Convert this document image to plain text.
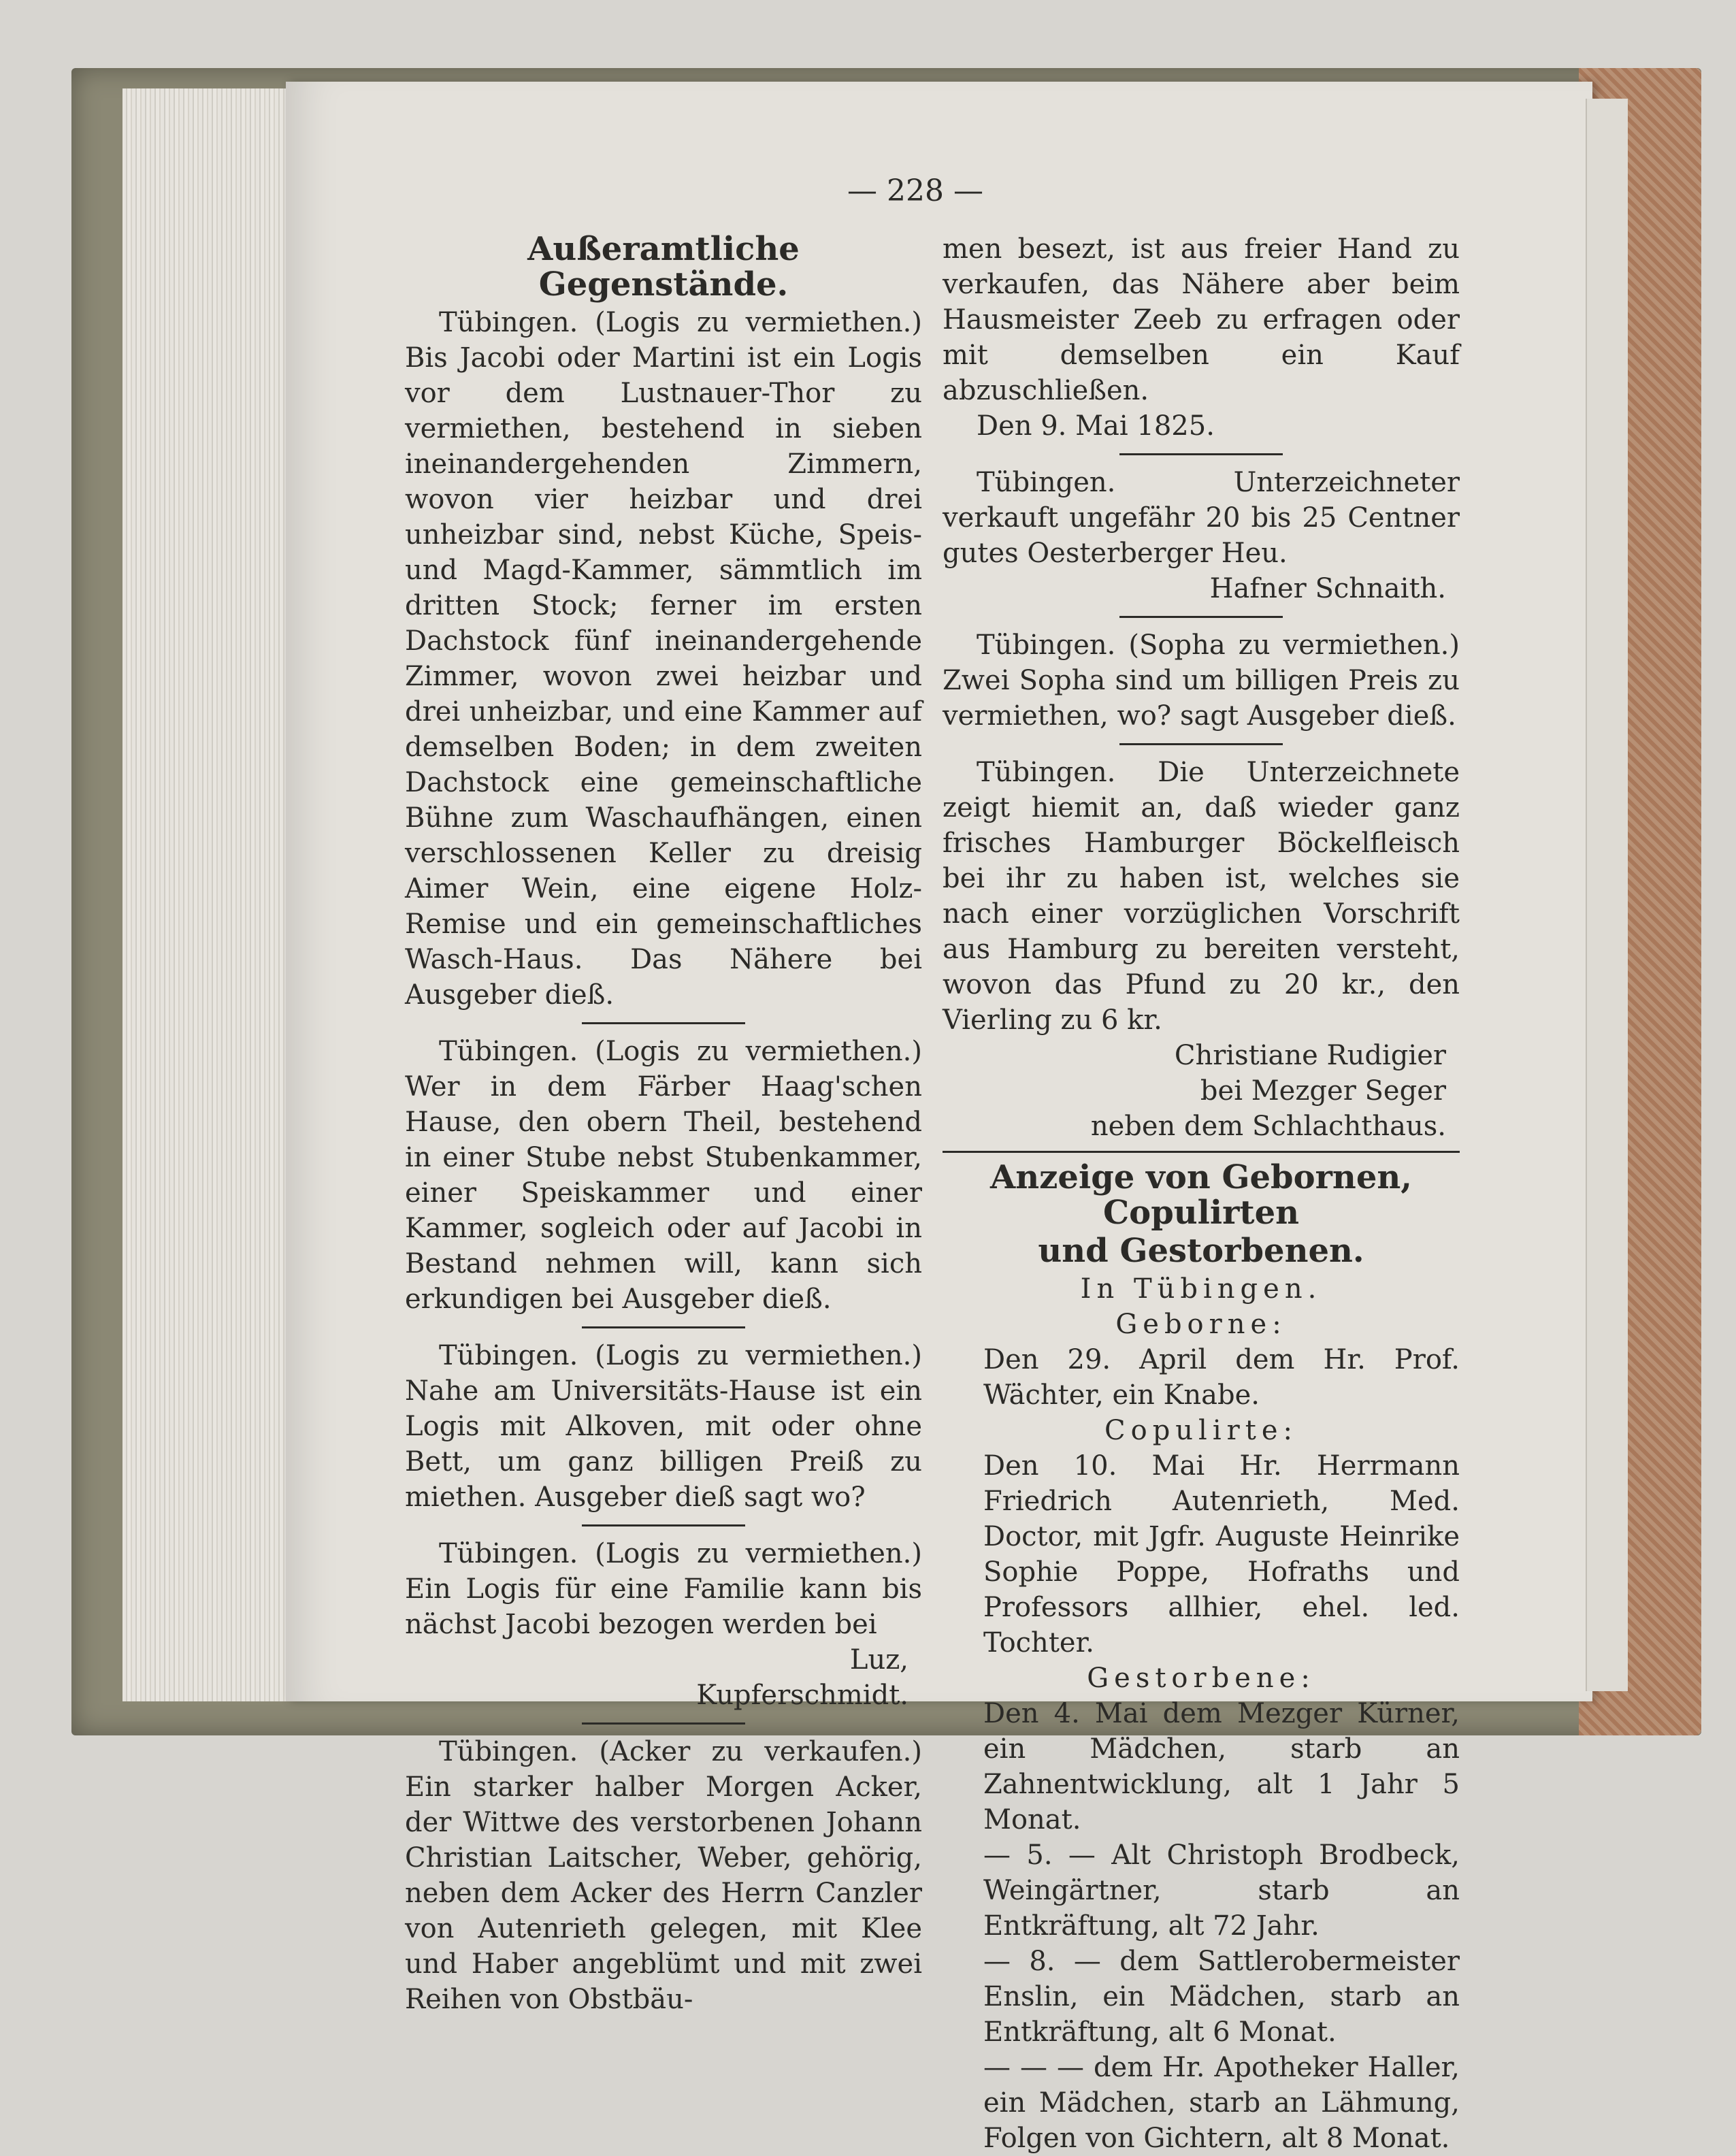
— 228 —
Außeramtliche Gegenstände.

Tübingen. (Logis zu vermiethen.) Bis Jacobi oder Martini ist ein Logis vor dem Lustnauer-Thor zu vermiethen, bestehend in sieben ineinandergehenden Zimmern, wovon vier heizbar und drei unheizbar sind, nebst Küche, Speis- und Magd-Kammer, sämmtlich im dritten Stock; ferner im ersten Dachstock fünf ineinandergehende Zimmer, wovon zwei heizbar und drei unheizbar, und eine Kammer auf demselben Boden; in dem zweiten Dachstock eine gemeinschaftliche Bühne zum Waschaufhängen, einen verschlossenen Keller zu dreisig Aimer Wein, eine eigene Holz-Remise und ein gemeinschaftliches Wasch-Haus. Das Nähere bei Ausgeber dieß.

Tübingen. (Logis zu vermiethen.) Wer in dem Färber Haag'schen Hause, den obern Theil, bestehend in einer Stube nebst Stubenkammer, einer Speiskammer und einer Kammer, sogleich oder auf Jacobi in Bestand nehmen will, kann sich erkundigen bei Ausgeber dieß.

Tübingen. (Logis zu vermiethen.) Nahe am Universitäts-Hause ist ein Logis mit Alkoven, mit oder ohne Bett, um ganz billigen Preiß zu miethen. Ausgeber dieß sagt wo?

Tübingen. (Logis zu vermiethen.) Ein Logis für eine Familie kann bis nächst Jacobi bezogen werden bei

Luz,
Kupferschmidt.

Tübingen. (Acker zu verkaufen.) Ein starker halber Morgen Acker, der Wittwe des verstorbenen Johann Christian Laitscher, Weber, gehörig, neben dem Acker des Herrn Canzler von Autenrieth gelegen, mit Klee und Haber angeblümt und mit zwei Reihen von Obstbäu-

men besezt, ist aus freier Hand zu verkaufen, das Nähere aber beim Hausmeister Zeeb zu erfragen oder mit demselben ein Kauf abzuschließen.

Den 9. Mai 1825.

Tübingen. Unterzeichneter verkauft ungefähr 20 bis 25 Centner gutes Oesterberger Heu.

Hafner Schnaith.

Tübingen. (Sopha zu vermiethen.) Zwei Sopha sind um billigen Preis zu vermiethen, wo? sagt Ausgeber dieß.

Tübingen. Die Unterzeichnete zeigt hiemit an, daß wieder ganz frisches Hamburger Böckelfleisch bei ihr zu haben ist, welches sie nach einer vorzüglichen Vorschrift aus Hamburg zu bereiten versteht, wovon das Pfund zu 20 kr., den Vierling zu 6 kr.

Christiane Rudigier
bei Mezger Seger
neben dem Schlachthaus.
Anzeige von Gebornen, Copulirten
und Gestorbenen.
In Tübingen.
Geborne:

Den 29. April dem Hr. Prof. Wächter, ein Knabe.

Copulirte:

Den 10. Mai Hr. Herrmann Friedrich Autenrieth, Med. Doctor, mit Jgfr. Auguste Heinrike Sophie Poppe, Hofraths und Professors allhier, ehel. led. Tochter.

Gestorbene:

Den 4. Mai dem Mezger Kürner, ein Mädchen, starb an Zahnentwicklung, alt 1 Jahr 5 Monat.

— 5. — Alt Christoph Brodbeck, Weingärtner, starb an Entkräftung, alt 72 Jahr.

— 8. — dem Sattlerobermeister Enslin, ein Mädchen, starb an Entkräftung, alt 6 Monat.

— — — dem Hr. Apotheker Haller, ein Mädchen, starb an Lähmung, Folgen von Gichtern, alt 8 Monat.
